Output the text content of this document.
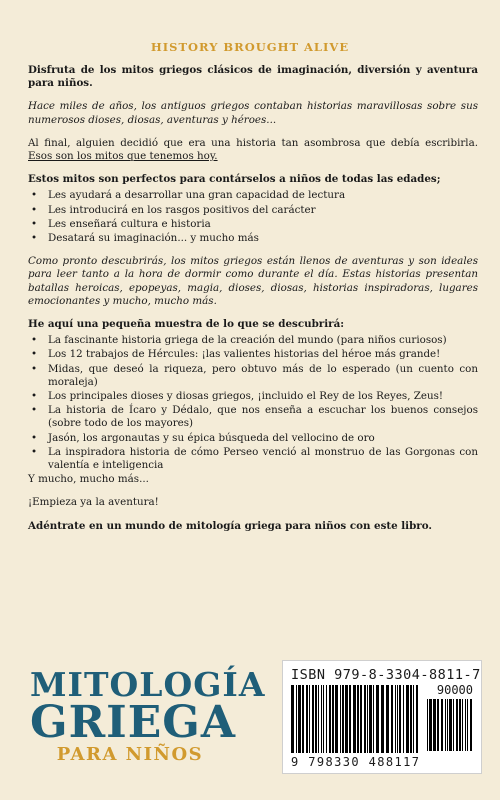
HISTORY BROUGHT ALIVE

Disfruta de los mitos griegos clásicos de imaginación, diversión y aventura para niños.

Hace miles de años, los antiguos griegos contaban historias maravillosas sobre sus numerosos dioses, diosas, aventuras y héroes...

Al final, alguien decidió que era una historia tan asombrosa que debía escribirla. Esos son los mitos que tenemos hoy.

Estos mitos son perfectos para contárselos a niños de todas las edades;

• Les ayudará a desarrollar una gran capacidad de lectura
• Les introducirá en los rasgos positivos del carácter
• Les enseñará cultura e historia
• Desatará su imaginación... y mucho más

Como pronto descubrirás, los mitos griegos están llenos de aventuras y son ideales para leer tanto a la hora de dormir como durante el día. Estas historias presentan batallas heroicas, epopeyas, magia, dioses, diosas, historias inspiradoras, lugares emocionantes y mucho, mucho más.

He aquí una pequeña muestra de lo que se descubrirá:

• La fascinante historia griega de la creación del mundo (para niños curiosos)
• Los 12 trabajos de Hércules: ¡las valientes historias del héroe más grande!
• Midas, que deseó la riqueza, pero obtuvo más de lo esperado (un cuento con moraleja)
• Los principales dioses y diosas griegos, ¡incluido el Rey de los Reyes, Zeus!
• La historia de Ícaro y Dédalo, que nos enseña a escuchar los buenos consejos (sobre todo de los mayores)
• Jasón, los argonautas y su épica búsqueda del vellocino de oro
• La inspiradora historia de cómo Perseo venció al monstruo de las Gorgonas con valentía e inteligencia

Y mucho, mucho más...

¡Empieza ya la aventura!

Adéntrate en un mundo de mitología griega para niños con este libro.

MITOLOGÍA
GRIEGA
PARA NIÑOS
ISBN 979-8-3304-8811-7
90000
9 798330 488117
